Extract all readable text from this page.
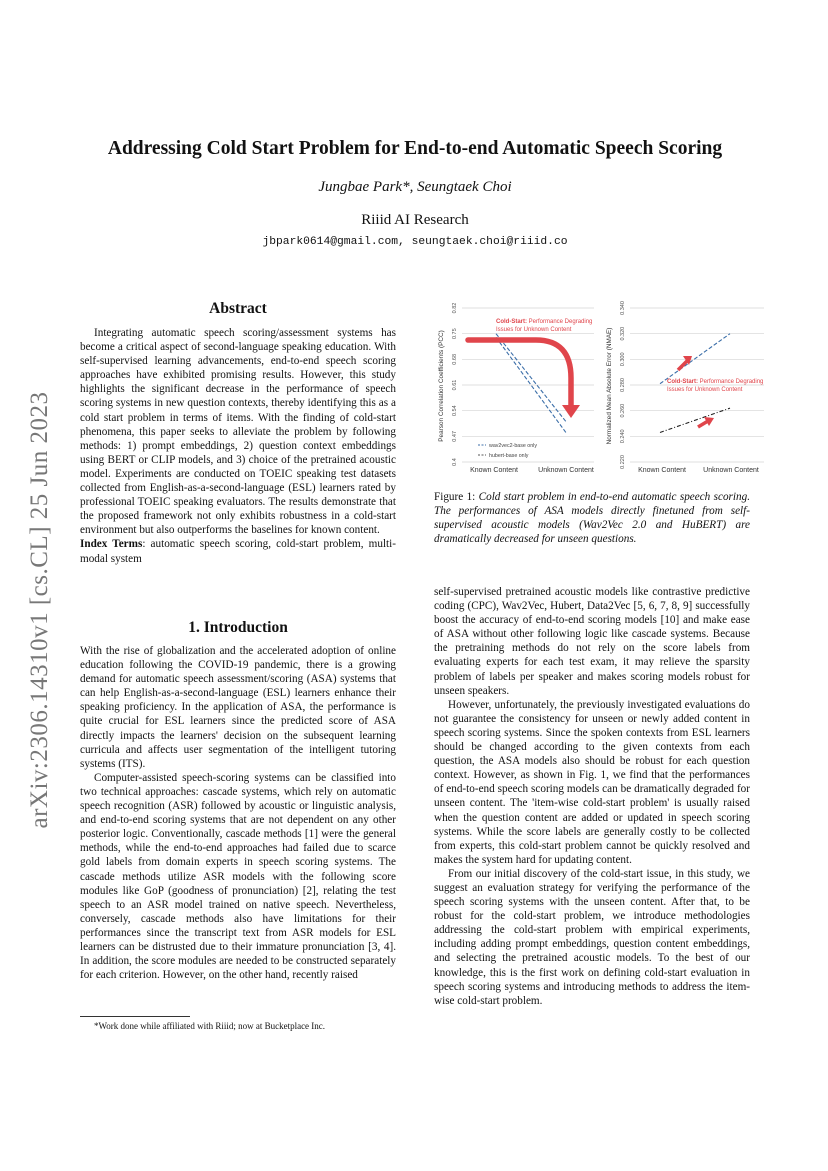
arXiv:2306.14310v1 [cs.CL] 25 Jun 2023
Addressing Cold Start Problem for End-to-end Automatic Speech Scoring
Jungbae Park*, Seungtaek Choi
Riiid AI Research
jbpark0614@gmail.com, seungtaek.choi@riiid.co
Abstract
Integrating automatic speech scoring/assessment systems has become a critical aspect of second-language speaking education. With self-supervised learning advancements, end-to-end speech scoring approaches have exhibited promising results. However, this study highlights the significant decrease in the performance of speech scoring systems in new question contexts, thereby identifying this as a cold start problem in terms of items. With the finding of cold-start phenomena, this paper seeks to alleviate the problem by following methods: 1) prompt embeddings, 2) question context embeddings using BERT or CLIP models, and 3) choice of the pretrained acoustic model. Experiments are conducted on TOEIC speaking test datasets collected from English-as-a-second-language (ESL) learners rated by professional TOEIC speaking evaluators. The results demonstrate that the proposed framework not only exhibits robustness in a cold-start environment but also outperforms the baselines for known content.
Index Terms: automatic speech scoring, cold-start problem, multi-modal system
1. Introduction
With the rise of globalization and the accelerated adoption of online education following the COVID-19 pandemic, there is a growing demand for automatic speech assessment/scoring (ASA) systems that can help English-as-a-second-language (ESL) learners enhance their speaking proficiency. In the application of ASA, the performance is quite crucial for ESL learners since the predicted score of ASA directly impacts the learners' decision on the subsequent learning curricula and affects user segmentation of the intelligent tutoring systems (ITS).
Computer-assisted speech-scoring systems can be classified into two technical approaches: cascade systems, which rely on automatic speech recognition (ASR) followed by acoustic or linguistic analysis, and end-to-end scoring systems that are not dependent on any other posterior logic. Conventionally, cascade methods [1] were the general methods, while the end-to-end approaches had failed due to scarce gold labels from domain experts in speech scoring systems. The cascade methods utilize ASR models with the following score modules like GoP (goodness of pronunciation) [2], relating the test speech to an ASR model trained on native speech. Nevertheless, conversely, cascade methods also have limitations for their performances since the transcript text from ASR models for ESL learners can be distrusted due to their immature pronunciation [3, 4]. In addition, the score modules are needed to be constructed separately for each criterion. However, on the other hand, recently raised
*Work done while affiliated with Riiid; now at Bucketplace Inc.
Pearson Correlation Coefficients (PCC)
0.4
0.47
0.54
0.61
0.68
0.75
0.82
Cold-Start: Performance Degrading
Issues for Unknown Content
wav2vec2-base only
hubert-base only
Known Content	Unknown Content
Normalized Mean Absolute Error (NMAE)
0.220
0.240
0.260
0.280
0.300
0.320
0.340
Cold-Start: Performance Degrading
Issues for Unknown Content
Known Content Unknown Content
Figure 1: Cold start problem in end-to-end automatic speech scoring. The performances of ASA models directly finetuned from self-supervised acoustic models (Wav2Vec 2.0 and HuBERT) are dramatically decreased for unseen questions.
self-supervised pretrained acoustic models like contrastive predictive coding (CPC), Wav2Vec, Hubert, Data2Vec [5, 6, 7, 8, 9] successfully boost the accuracy of end-to-end scoring models [10] and make ease of ASA without other following logic like cascade systems. Because the pretraining methods do not rely on the score labels from evaluating experts for each test exam, it may relieve the sparsity problem of labels per speaker and makes scoring models robust for unseen speakers.
However, unfortunately, the previously investigated evaluations do not guarantee the consistency for unseen or newly added content in speech scoring systems. Since the spoken contexts from ESL learners should be changed according to the given contexts from each question, the ASA models also should be robust for each question context. However, as shown in Fig. 1, we find that the performances of end-to-end speech scoring models can be dramatically degraded for unseen content. The 'item-wise cold-start problem' is usually raised when the question content are added or updated in speech scoring systems. While the score labels are generally costly to be collected from experts, this cold-start problem cannot be quickly resolved and makes the system hard for updating content.
From our initial discovery of the cold-start issue, in this study, we suggest an evaluation strategy for verifying the performance of the speech scoring systems with the unseen content. After that, to be robust for the cold-start problem, we introduce methodologies addressing the cold-start problem with empirical experiments, including adding prompt embeddings, question content embeddings, and selecting the pretrained acoustic models. To the best of our knowledge, this is the first work on defining cold-start evaluation in speech scoring systems and introducing methods to address the item-wise cold-start problem.
